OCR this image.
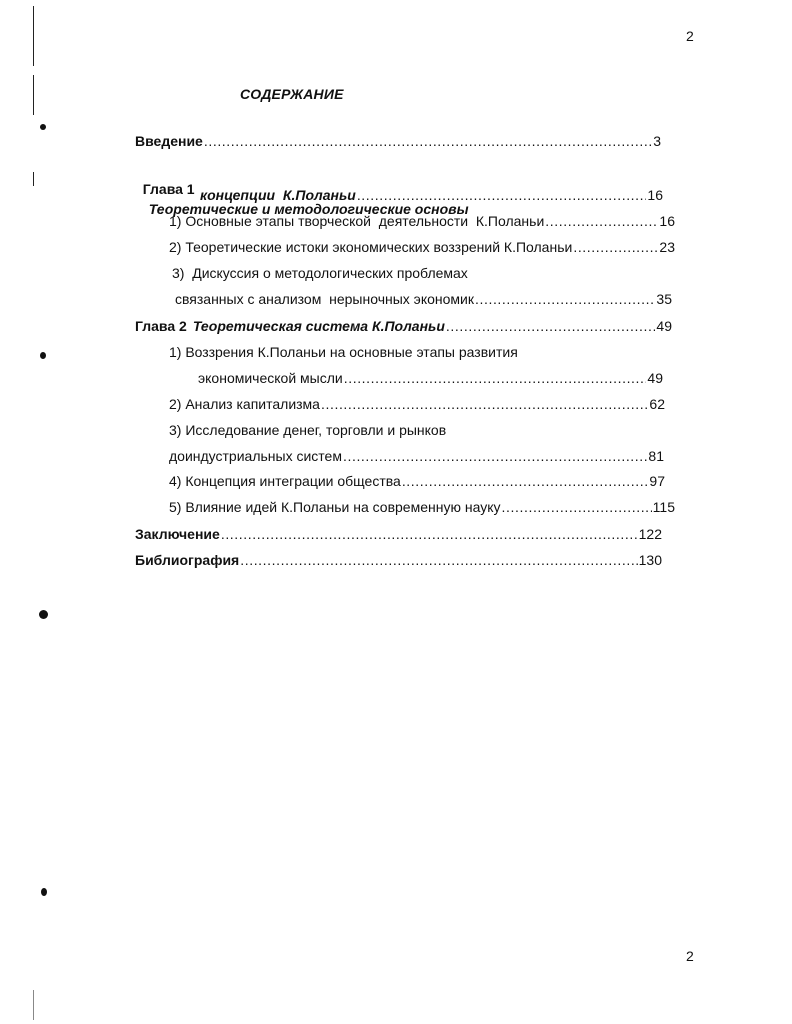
2
СОДЕРЖАНИЕ
Введение .....	3

Глава 1
Теоретические и методологические основы

концепции  К.Поланьи .....	16
1) Основные этапы творческой  деятельности  К.Поланьи .....	16
2) Теоретические истоки экономических воззрений К.Поланьи .....	23
3)  Дискуссия о методологических проблемах
связанных с анализом  нерыночных экономик .....	35
Глава 2 Теоретическая система К.Поланьи .....	49
1) Воззрения К.Поланьи на основные этапы развития
экономической мысли .....	49
2) Анализ капитализма .....	62
3) Исследование денег, торговли и рынков
доиндустриальных систем .....	81
4) Концепция интеграции общества .....	97
5) Влияние идей К.Поланьи на современную науку .....	115
Заключение .....	122
Библиография .....	130
2
